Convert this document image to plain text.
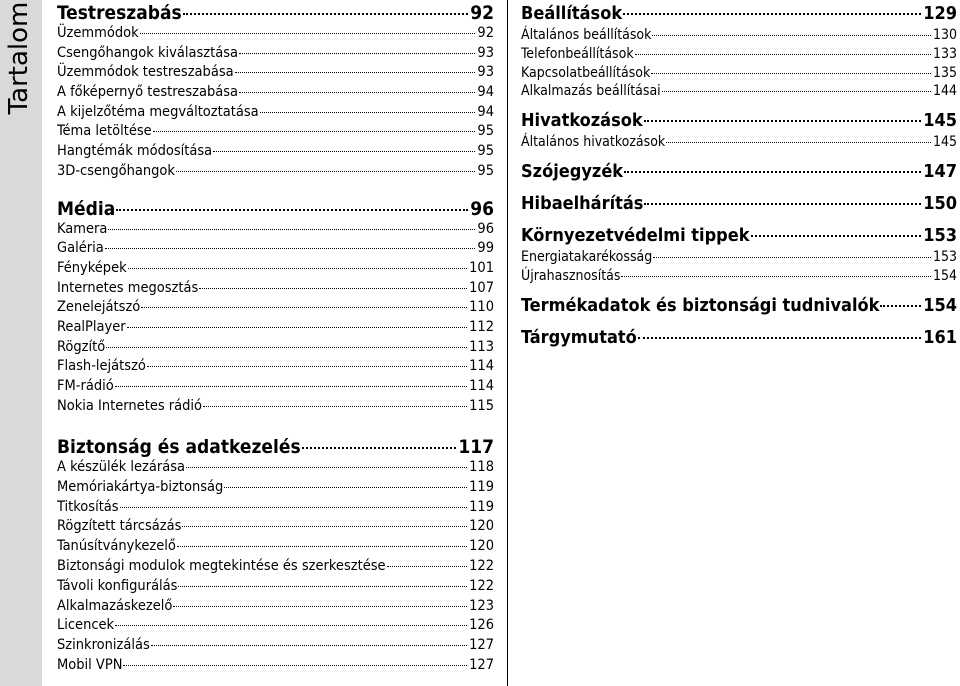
Tartalom Testreszabás	92
Üzemmódok	92
Csengőhangok kiválasztása	93
Üzemmódok testreszabása	93
A főképernyő testreszabása	94
A kijelzőtéma megváltoztatása	94
Téma letöltése	95
Hangtémák módosítása	95
3D-csengőhangok	95
Média	96
Kamera	96
Galéria	99
Fényképek	101
Internetes megosztás	107
Zenelejátszó	110
RealPlayer	112
Rögzítő	113
Flash-lejátszó	114
FM-rádió	114
Nokia Internetes rádió	115
Biztonság és adatkezelés	117
A készülék lezárása	118
Memóriakártya-biztonság	119
Titkosítás	119
Rögzített tárcsázás	120
Tanúsítványkezelő	120
Biztonsági modulok megtekintése és szerkesztése	122
Távoli konfigurálás	122
Alkalmazáskezelő	123
Licencek	126
Szinkronizálás	127
Mobil VPN	127
Beállítások	129
Általános beállítások	130
Telefonbeállítások	133
Kapcsolatbeállítások	135
Alkalmazás beállításai	144
Hivatkozások	145
Általános hivatkozások	145
Szójegyzék	147
Hibaelhárítás	150
Környezetvédelmi tippek	153
Energiatakarékosság	153
Újrahasznosítás	154
Termékadatok és biztonsági tudnivalók 154
Tárgymutató	161
